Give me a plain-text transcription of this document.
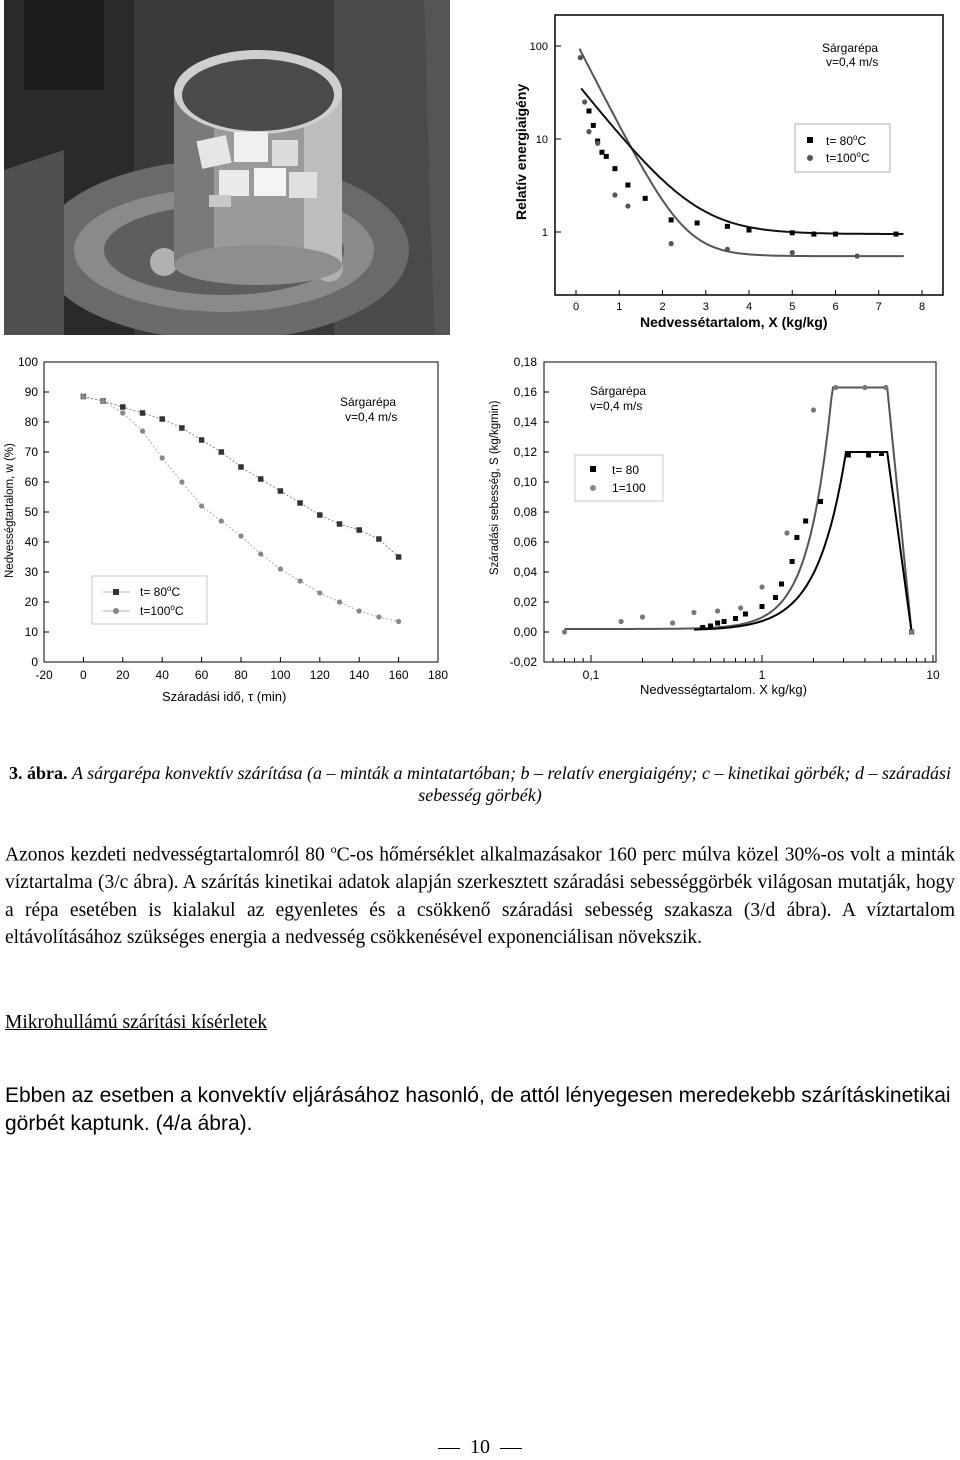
Relatív energiaigény
100
10
1
0	1	2	3	4	5	6	7	8
Nedvessétartalom, X (kg/kg)
Sárgarépa
v=0,4 m/s
$t= 80^oC$
$t=100^oC$
Nedvességtartalom, w (%)
100
90
80
70
60
50
40
30
20
10
0
-20 0 20 40 60 80 100 120 140 160 180
Száradási idő, τ (min)
Sárgarépa
v=0,4 m/s
$t= 80^oC$
$t=100^oC$
Száradási sebesség, S (kg/kgmin)
0,18
0,16
0,14
0,12
0,10
0,08
0,06
0,04
0,02
0,00
-0,02
0,1	1	10
Nedvességtartalom. X kg/kg)
Sárgarépa
v=0,4 m/s
t= 80
1=100
3. ábra. A sárgarépa konvektív szárítása (a – minták a mintatartóban; b – relatív energiaigény; c – kinetikai görbék; d – száradási sebesség görbék)
Azonos kezdeti nedvességtartalomról 80 $^o$C-os hőmérséklet alkalmazásakor 160 perc múlva közel 30%-os volt a minták víztartalma (3/c ábra). A szárítás kinetikai adatok alapján szerkesztett száradási sebességgörbék világosan mutatják, hogy a répa esetében is kialakul az egyenletes és a csökkenő száradási sebesség szakasza (3/d ábra). A víztartalom eltávolításához szükséges energia a nedvesség csökkenésével exponenciálisan növekszik.
Mikrohullámú szárítási kísérletek
Ebben az esetben a konvektív eljárásához hasonló, de attól lényegesen meredekebb szárításkinetikai görbét kaptunk. (4/a ábra).
10
